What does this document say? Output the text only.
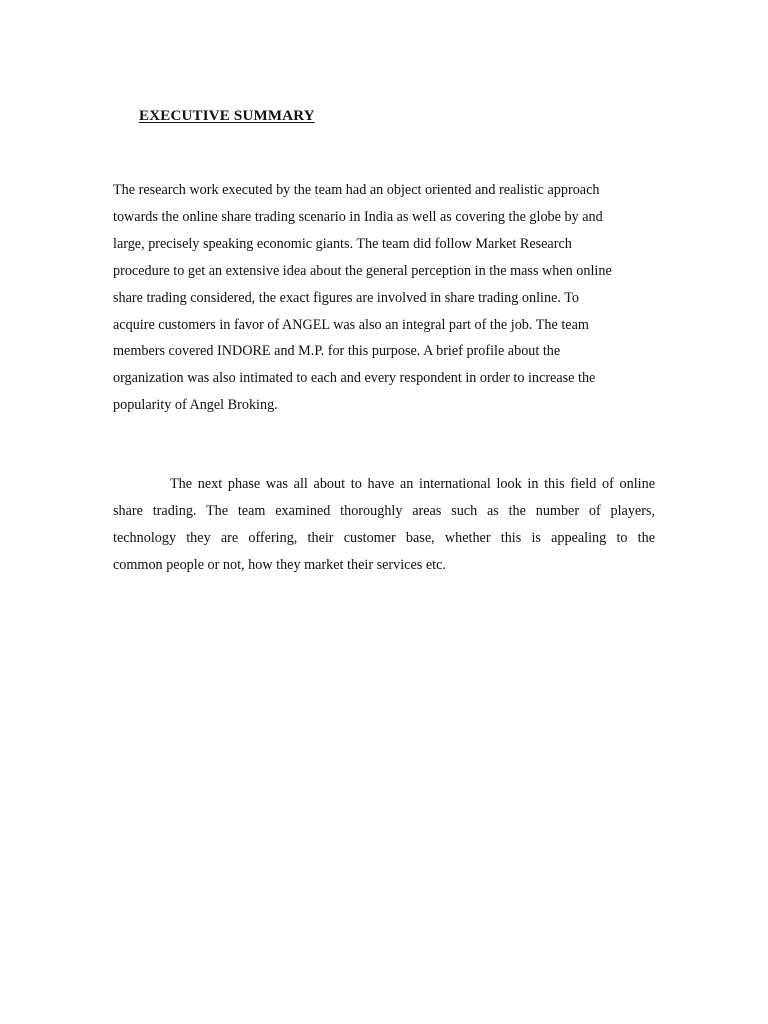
EXECUTIVE SUMMARY
The research work executed by the team had an object oriented and realistic approach
towards the online share trading scenario in India as well as covering the globe by and
large, precisely speaking economic giants. The team did follow Market Research
procedure to get an extensive idea about the general perception in the mass when online
share trading considered, the exact figures are involved in share trading online. To
acquire customers in favor of ANGEL was also an integral part of the job. The team
members covered INDORE and M.P. for this purpose. A brief profile about the
organization was also intimated to each and every respondent in order to increase the
popularity of Angel Broking.
The next phase was all about to have an international look in this field of online
share trading. The team examined thoroughly areas such as the number of players,
technology they are offering, their customer base, whether this is appealing to the
common people or not, how they market their services etc.
